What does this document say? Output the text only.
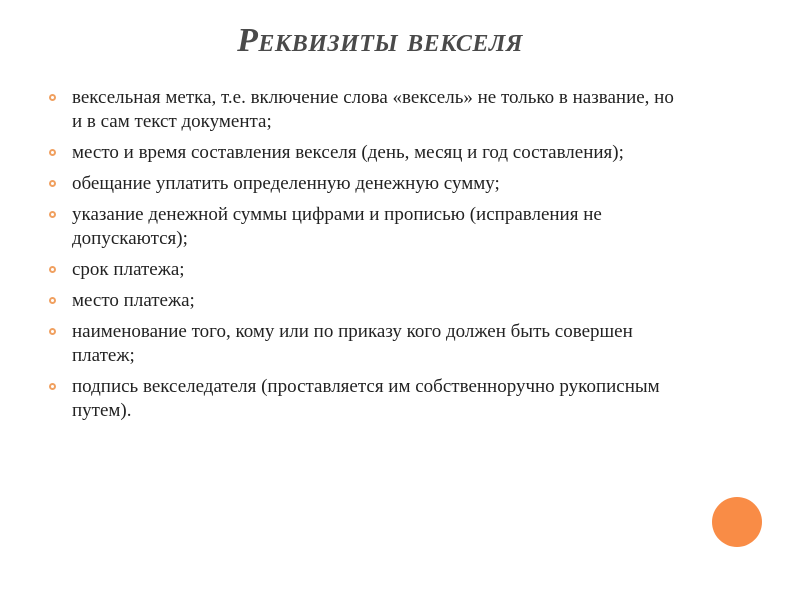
Реквизиты векселя
вексельная метка, т.е. включение слова «вексель» не только в название, но и в сам текст документа;
место и время составления векселя (день, месяц и год составления);
обещание уплатить определенную денежную сумму;
указание денежной суммы цифрами и прописью (исправления не допускаются);
срок платежа;
место платежа;
наименование того, кому или по приказу кого должен быть совершен платеж;
подпись векселедателя (проставляется им собственноручно рукописным путем).
